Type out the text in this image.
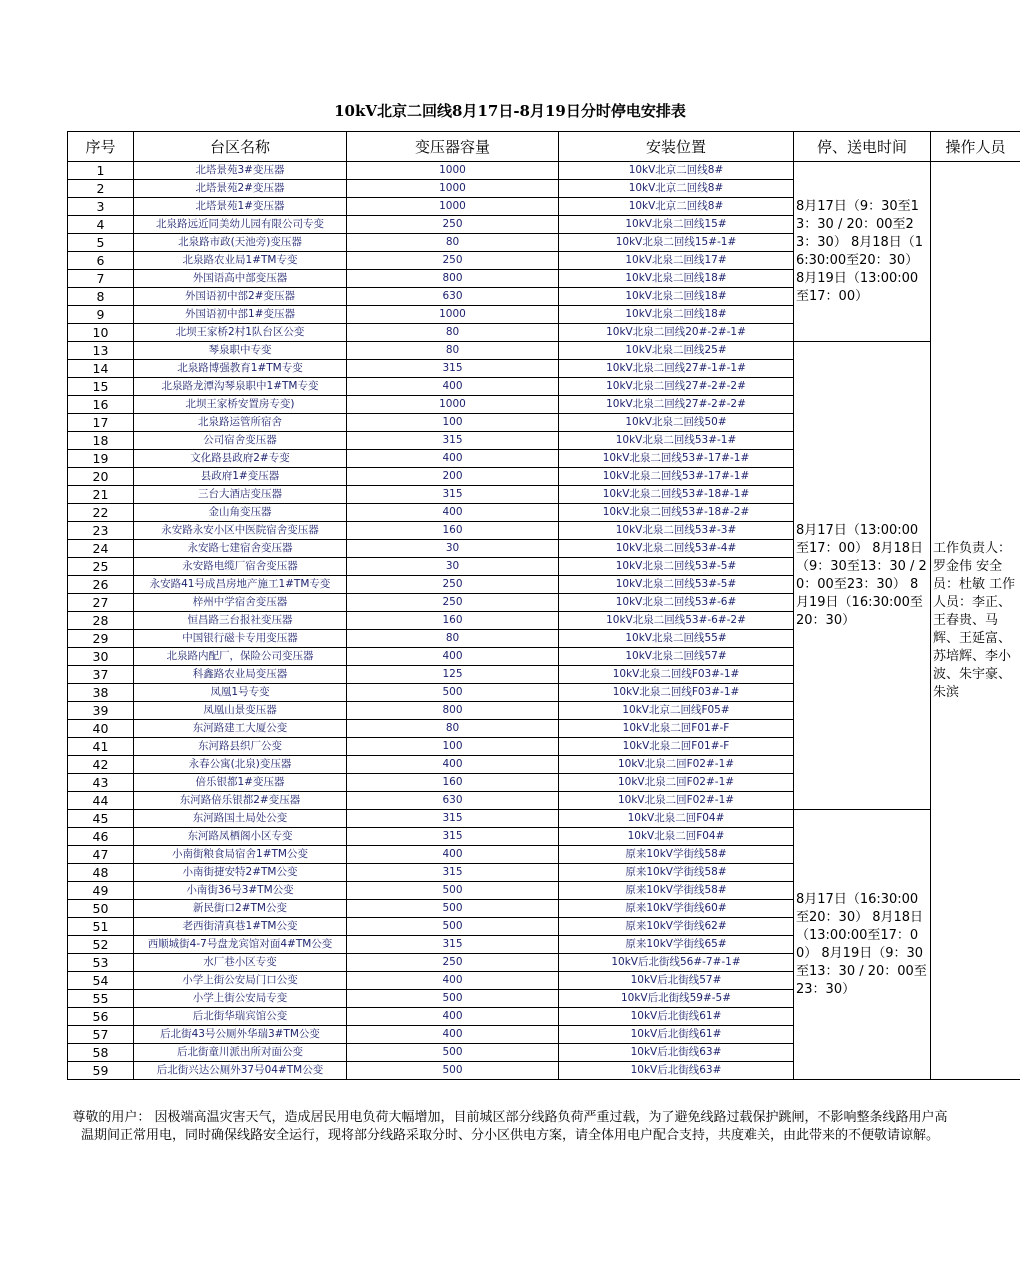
10kV北京二回线8月17日-8月19日分时停电安排表
序号	台区名称	变压器容量	安装位置	停、送电时间	操作人员
1	北塔景苑3#变压器	1000	10kV北京二回线8#	8月17日（9：30至13：30 / 20：00至23：30） 8月18日（16:30:00至20：30） 8月19日（13:00:00至17：00）	工作负责人：罗金伟 安全员：杜敏 工作人员：李正、王春贵、马辉、王延富、苏培辉、李小波、朱宇豪、朱滨
2	北塔景苑2#变压器	1000	10kV北京二回线8#		
3	北塔景苑1#变压器	1000	10kV北京二回线8#		
4	北泉路远近同美幼儿园有限公司专变	250	10kV北泉二回线15#		
5	北泉路市政(天池旁)变压器	80	10kV北泉二回线15#-1#		
6	北泉路农业局1#TM专变	250	10kV北泉二回线17#		
7	外国语高中部变压器	800	10kV北泉二回线18#		
8	外国语初中部2#变压器	630	10kV北泉二回线18#		
9	外国语初中部1#变压器	1000	10kV北泉二回线18#		
10	北坝王家桥2村1队台区公变	80	10kV北泉二回线20#-2#-1#		
13	琴泉职中专变	80	10kV北泉二回线25#	8月17日（13:00:00至17：00） 8月18日（9：30至13：30 / 20：00至23：30） 8月19日（16:30:00至20：30）	
14	北泉路博强教育1#TM专变	315	10kV北泉二回线27#-1#-1#		
15	北泉路龙潭沟琴泉职中1#TM专变	400	10kV北泉二回线27#-2#-2#		
16	北坝王家桥安置房专变)	1000	10kV北泉二回线27#-2#-2#		
17	北泉路运管所宿舍	100	10kV北泉二回线50#		
18	公司宿舍变压器	315	10kV北泉二回线53#-1#		
19	文化路县政府2#专变	400	10kV北泉二回线53#-17#-1#		
20	县政府1#变压器	200	10kV北泉二回线53#-17#-1#		
21	三台大酒店变压器	315	10kV北泉二回线53#-18#-1#		
22	金山角变压器	400	10kV北泉二回线53#-18#-2#		
23	永安路永安小区中医院宿舍变压器	160	10kV北泉二回线53#-3#		
24	永安路七建宿舍变压器	30	10kV北泉二回线53#-4#		
25	永安路电缆厂宿舍变压器	30	10kV北泉二回线53#-5#		
26	永安路41号成昌房地产施工1#TM专变	250	10kV北泉二回线53#-5#		
27	梓州中学宿舍变压器	250	10kV北泉二回线53#-6#		
28	恒昌路三台报社变压器	160	10kV北泉二回线53#-6#-2#		
29	中国银行磁卡专用变压器	80	10kV北泉二回线55#		
30	北泉路内配厂，保险公司变压器	400	10kV北泉二回线57#		
37	科鑫路农业局变压器	125	10kV北泉二回线F03#-1#		
38	凤凰1号专变	500	10kV北泉二回线F03#-1#		
39	凤凰山景变压器	800	10kV北京二回线F05#		
40	东河路建工大厦公变	80	10kV北泉二回F01#-F		
41	东河路县织厂公变	100	10kV北泉二回F01#-F		
42	永春公寓(北泉)变压器	400	10kV北泉二回F02#-1#		
43	倍乐银都1#变压器	160	10kV北泉二回F02#-1#		
44	东河路倍乐银都2#变压器	630	10kV北泉二回F02#-1#		
45	东河路国土局处公变	315	10kV北泉二回F04#	8月17日（16:30:00至20：30） 8月18日（13:00:00至17：00） 8月19日（9：30至13：30 / 20：00至23：30）	
46	东河路凤栖阁小区专变	315	10kV北泉二回F04#		
47	小南街粮食局宿舍1#TM公变	400	原来10kV学街线58#		
48	小南街捷安特2#TM公变	315	原来10kV学街线58#		
49	小南街36号3#TM公变	500	原来10kV学街线58#		
50	新民街口2#TM公变	500	原来10kV学街线60#		
51	老西街清真巷1#TM公变	500	原来10kV学街线62#		
52	西顺城街4-7号盘龙宾馆对面4#TM公变	315	原来10kV学街线65#		
53	水厂巷小区专变	250	10kV后北街线56#-7#-1#		
54	小学上街公安局门口公变	400	10kV后北街线57#		
55	小学上街公安局专变	500	10kV后北街线59#-5#		
56	后北街华瑞宾馆公变	400	10kV后北街线61#		
57	后北街43号公厕外华瑞3#TM公变	400	10kV后北街线61#		
58	后北街童川派出所对面公变	500	10kV后北街线63#		
59	后北街兴达公厕外37号04#TM公变	500	10kV后北街线63#		
尊敬的用户： 因极端高温灾害天气，造成居民用电负荷大幅增加，目前城区部分线路负荷严重过载，为了避免线路过载保护跳闸，不影响整条线路用户高温期间正常用电，同时确保线路安全运行，现将部分线路采取分时、分小区供电方案，请全体用电户配合支持，共度难关，由此带来的不便敬请谅解。
